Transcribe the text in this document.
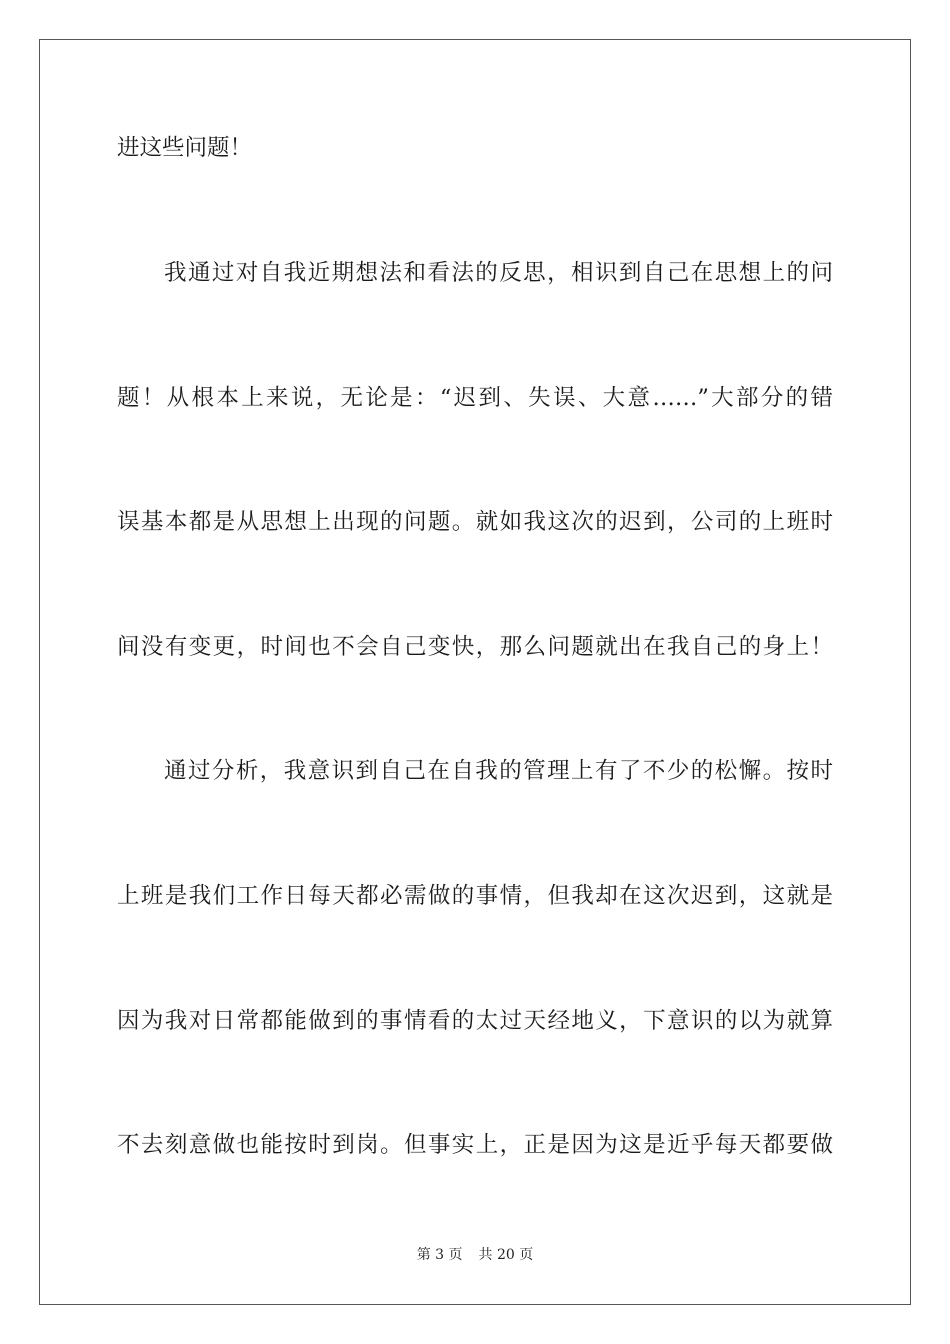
进这些问题！
我通过对自我近期想法和看法的反思，相识到自己在思想上的问
题！从根本上来说，无论是：“迟到、失误、大意……”大部分的错
误基本都是从思想上出现的问题。就如我这次的迟到，公司的上班时
间没有变更，时间也不会自己变快，那么问题就出在我自己的身上！
通过分析，我意识到自己在自我的管理上有了不少的松懈。按时
上班是我们工作日每天都必需做的事情，但我却在这次迟到，这就是
因为我对日常都能做到的事情看的太过天经地义，下意识的以为就算
不去刻意做也能按时到岗。但事实上，正是因为这是近乎每天都要做
第 3 页 共 20 页
